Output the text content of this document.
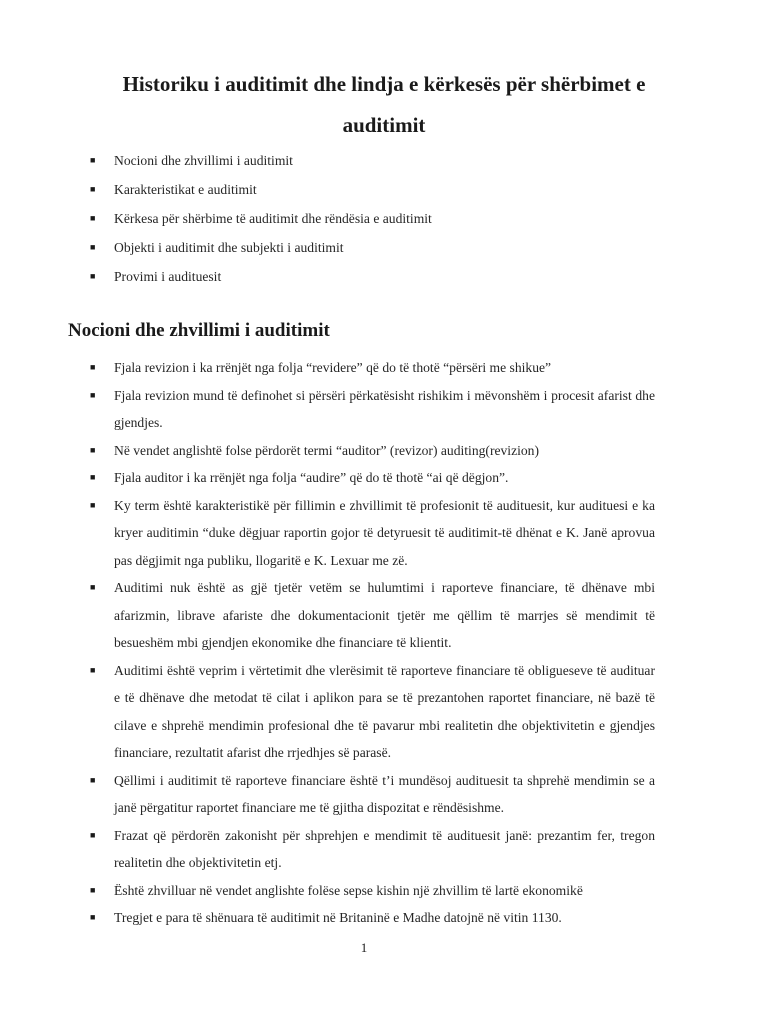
Historiku i auditimit dhe lindja e kërkesës për shërbimet e
auditimit
■ Nocioni dhe zhvillimi i auditimit
■ Karakteristikat e auditimit
■ Kërkesa për shërbime të auditimit dhe rëndësia e auditimit
■ Objekti i auditimit dhe subjekti i auditimit
■ Provimi i audituesit
Nocioni dhe zhvillimi i auditimit
■ Fjala revizion i ka rrënjët nga folja “revidere” që do të thotë “përsëri me shikue”
■ Fjala revizion mund të definohet si përsëri përkatësisht rishikim i mëvonshëm i procesit afarist dhe gjendjes.
■ Në vendet anglishtë folse përdorët termi “auditor” (revizor) auditing(revizion)
■ Fjala auditor i ka rrënjët nga folja “audire” që do të thotë “ai që dëgjon”.
■ Ky term është karakteristikë për fillimin e zhvillimit të profesionit të audituesit, kur audituesi e ka kryer auditimin “duke dëgjuar raportin gojor të detyruesit të auditimit-të dhënat e K. Janë aprovua pas dëgjimit nga publiku, llogaritë e K. Lexuar me zë.
■ Auditimi nuk është as gjë tjetër vetëm se hulumtimi i raporteve financiare, të dhënave mbi afarizmin, librave afariste dhe dokumentacionit tjetër me qëllim të marrjes së mendimit të besueshëm mbi gjendjen ekonomike dhe financiare të klientit.
■ Auditimi është veprim i vërtetimit dhe vlerësimit të raporteve financiare të obligueseve të audituar e të dhënave dhe metodat të cilat i aplikon para se të prezantohen raportet financiare, në bazë të cilave e shprehë mendimin profesional dhe të pavarur mbi realitetin dhe objektivitetin e gjendjes financiare, rezultatit afarist dhe rrjedhjes së parasë.
■ Qëllimi i auditimit të raporteve financiare është t’i mundësoj audituesit ta shprehë mendimin se a janë përgatitur raportet financiare me të gjitha dispozitat e rëndësishme.
■ Frazat që përdorën zakonisht për shprehjen e mendimit të audituesit janë: prezantim fer, tregon realitetin dhe objektivitetin etj.
■ Është zhvilluar në vendet anglishte folëse sepse kishin një zhvillim të lartë ekonomikë
■ Tregjet e para të shënuara të auditimit në Britaninë e Madhe datojnë në vitin 1130.
1
